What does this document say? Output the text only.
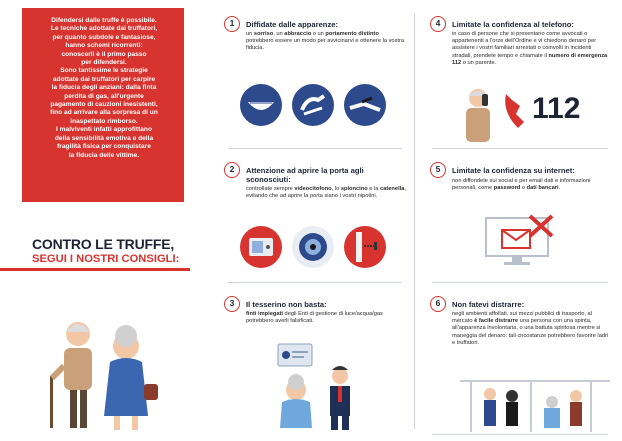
Difendersi dalle truffe è possibile.
Le tecniche adottate dai truffatori,
per quanto subdole e fantasiose,
hanno schemi ricorrenti:
conoscerli è il primo passo
per difendersi.
Sono tantissime le strategie
adottate dai truffatori per carpire
la fiducia degli anziani: dalla finta
perdita di gas, all'urgente
pagamento di cauzioni inesistenti,
fino ad arrivare alla sorpresa di un
inaspettato rimborso.
I malviventi infatti approfittano
della sensibilità emotiva e della
fragilità fisica per conquistare
la fiducia delle vittime.
CONTRO LE TRUFFE,
SEGUI I NOSTRI CONSIGLI:
1	Diffidate dalle apparenze:
un sorriso, un abbraccio o un portamento distinto potrebbero essere un modo per avvicinarvi e ottenere la vostra fiducia.
2	Attenzione ad aprire la porta agli sconosciuti:
controllate sempre videocitofono, lo spioncino e la catenella, evitando che ad aprire la porta siano i vostri nipotini.
3	Il tesserino non basta:
finti impiegati degli Enti di gestione di luce/acqua/gas potrebbero averli falsificati.
4	Limitate la confidenza al telefono:
in caso di persone che si presentano come avvocati o appartenenti a l'orze dell'Ordine e vi chiedono denaro per assistere i vostri familiari arrestati o coinvolti in incidenti stradali, prendete tempo e chiamate il numero di emergenza 112 o un parente.
112
5	Limitate la confidenza su internet:
non diffondete sui social e per email dati e informazioni personali, come password o dati bancari.
6	Non fatevi distrarre:
negli ambienti affollati, sui mezzi pubblici di trasporto, al mercato è facile distrarre una persona con una spinta, all'apparenza involontaria, o una battuta spiritosa mentre si maneggia del denaro: tali circostanze potrebbero favorire ladri e truffatori.
